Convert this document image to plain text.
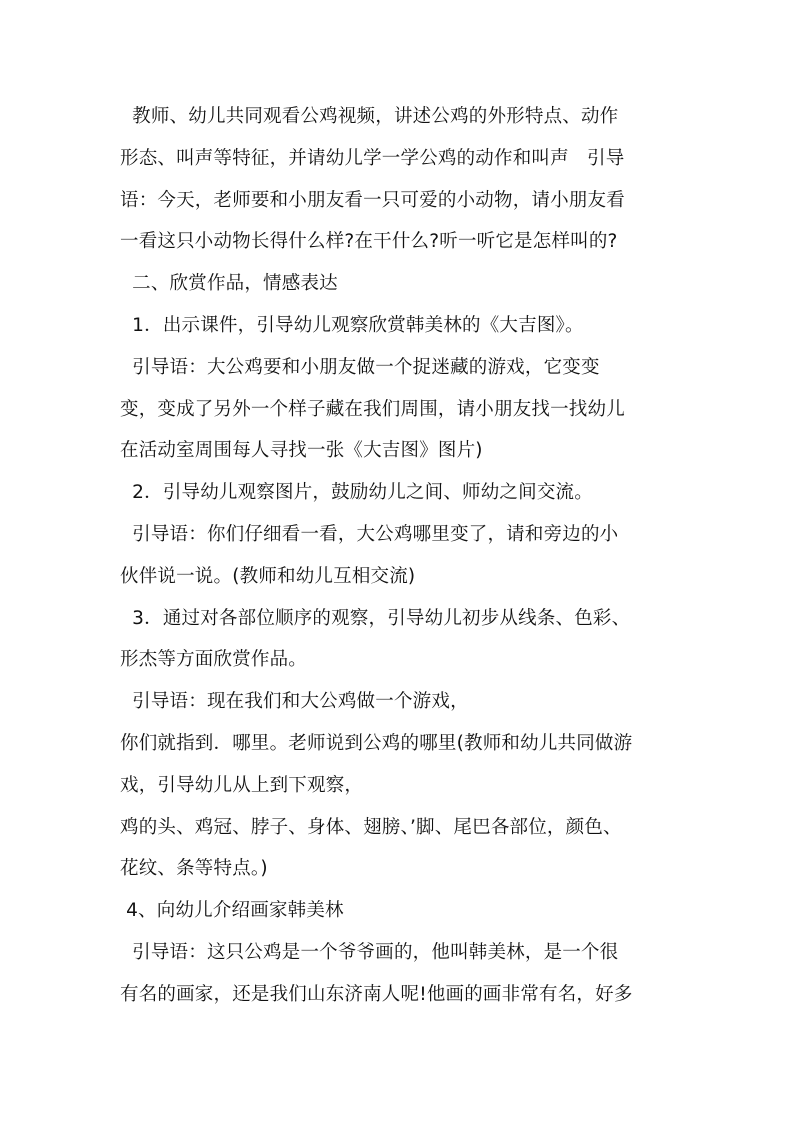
教师、幼儿共同观看公鸡视频，讲述公鸡的外形特点、动作
形态、叫声等特征，并请幼儿学一学公鸡的动作和叫声   引导
语：今天，老师要和小朋友看一只可爱的小动物，请小朋友看
一看这只小动物长得什么样?在干什么?听一听它是怎样叫的?
二、欣赏作品，情感表达
1．出示课件，引导幼儿观察欣赏韩美林的《大吉图》。
引导语：大公鸡要和小朋友做一个捉迷藏的游戏，它变变
变，变成了另外一个样子藏在我们周围，请小朋友找一找幼儿
在活动室周围每人寻找一张《大吉图》图片)
2．引导幼儿观察图片，鼓励幼儿之间、师幼之间交流。
引导语：你们仔细看一看，大公鸡哪里变了，请和旁边的小
伙伴说一说。(教师和幼儿互相交流)
3．通过对各部位顺序的观察，引导幼儿初步从线条、色彩、
形杰等方面欣赏作品。
引导语：现在我们和大公鸡做一个游戏，
你们就指到．哪里。老师说到公鸡的哪里(教师和幼儿共同做游
戏，引导幼儿从上到下观察，
鸡的头、鸡冠、脖子、身体、翅膀、’脚、尾巴各部位，颜色、
花纹、条等特点。)
4、向幼儿介绍画家韩美林
引导语：这只公鸡是一个爷爷画的，他叫韩美林，是一个很
有名的画家，还是我们山东济南人呢!他画的画非常有名，好多
